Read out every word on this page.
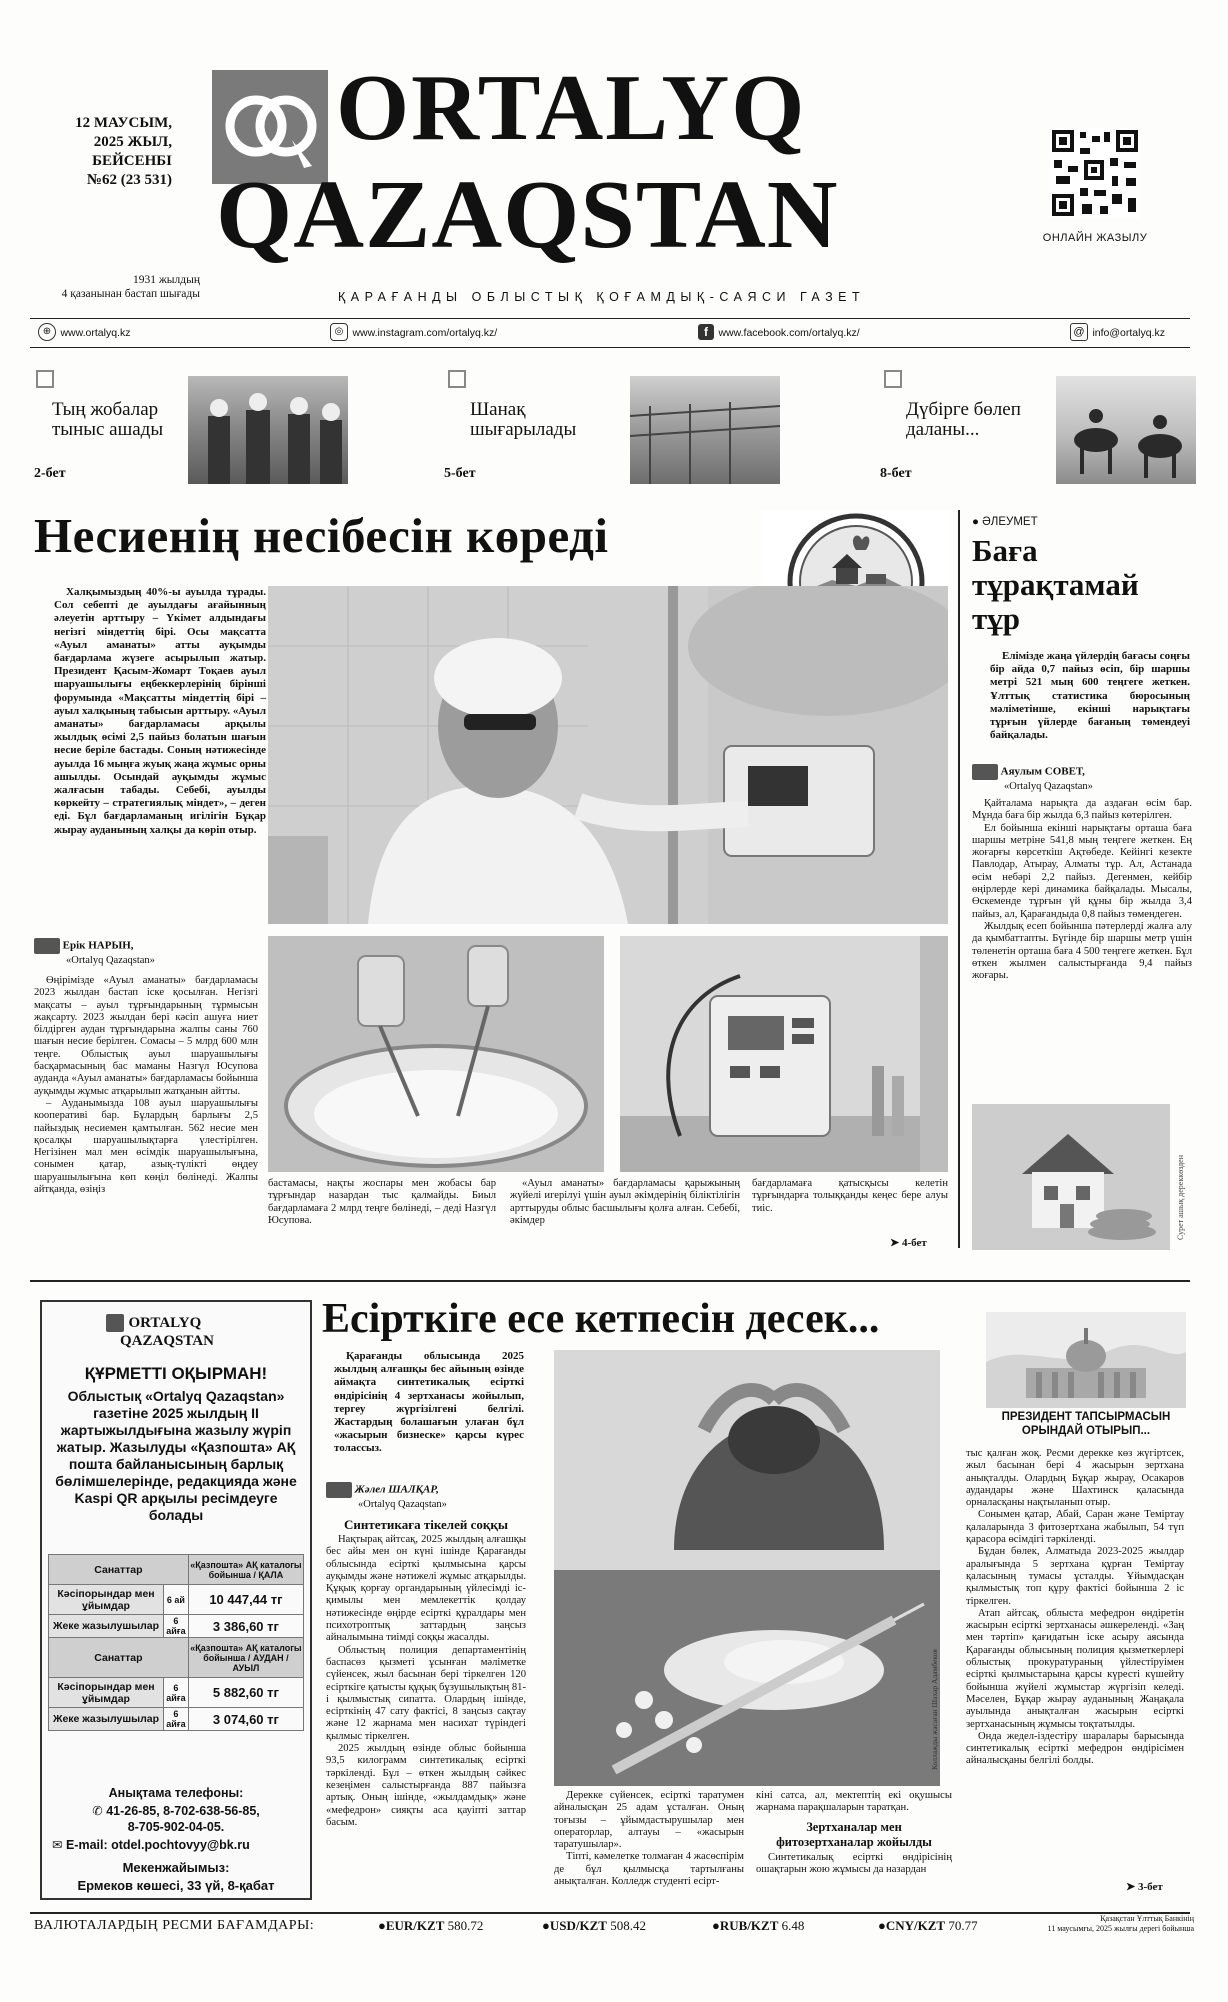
12 МАУСЫМ,
2025 ЖЫЛ,
БЕЙСЕНБІ
№62 (23 531)
1931 жылдың
4 қазанынан бастап шығады
ORTALYQ
QAZAQSTAN
ҚАРАҒАНДЫ ОБЛЫСТЫҚ ҚОҒАМДЫҚ-САЯСИ ГАЗЕТ
ОНЛАЙН ЖАЗЫЛУ
⊕ www.ortalyq.kz	◎ www.instagram.com/ortalyq.kz/	f www.facebook.com/ortalyq.kz/	@ info@ortalyq.kz
Тың жобалар
тыныс ашады
2-бет
Шанақ
шығарылады
5-бет
Дүбірге бөлеп
даланы...
8-бет
Несиенің несібесін көреді

Халқымыздың 40%-ы ауылда тұрады. Сол себепті де ауылдағы ағайынның әлеуетін арттыру – Үкімет алдындағы негізгі міндеттің бірі. Осы мақсатта «Ауыл аманаты» атты ауқымды бағдарлама жүзеге асырылып жатыр. Президент Қасым-Жомарт Тоқаев ауыл шаруашылығы еңбеккерлерінің бірінші форумында «Мақсатты міндеттің бірі – ауыл халқының табысын арттыру. «Ауыл аманаты» бағдарламасы арқылы жылдық өсімі 2,5 пайыз болатын шағын несие беріле бастады. Соның нәтижесінде ауылда 16 мыңға жуық жаңа жұмыс орны ашылды. Осындай ауқымды жұмыс жалғасын табады. Себебі, ауылды көркейту – стратегиялық міндет», – деген еді. Бұл бағдарламаның игілігін Бұқар жырау ауданының халқы да көріп отыр.

Ерік НАРЫН,
«Ortalyq Qazaqstan»

Өңірімізде «Ауыл аманаты» бағдарламасы 2023 жылдан бастап іске қосылған. Негізгі мақсаты – ауыл тұрғындарының тұрмысын жақсарту. 2023 жылдан бері кәсіп ашуға ниет білдірген аудан тұрғындарына жалпы саны 760 шағын несие берілген. Сомасы – 5 млрд 600 млн теңге. Облыстық ауыл шаруашылығы басқармасының бас маманы Назгүл Юсупова ауданда «Ауыл аманаты» бағдарламасы бойынша ауқымды жұмыс атқарылып жатқанын айтты.

– Ауданымызда 108 ауыл шаруашылығы кооперативі бар. Бұлардың барлығы 2,5 пайыздық несиемен қамтылған. 562 несие мен қосалқы шаруашылықтарға үлестірілген. Негізінен мал мен өсімдік шаруашылығына, сонымен қатар, азық-түлікті өңдеу шаруашылығына көп көңіл бөлінеді. Жалпы айтқанда, өзіңіз

бастамасы, нақты жоспары мен жобасы бар тұрғындар назардан тыс қалмайды. Биыл бағдарламаға 2 млрд теңге бөлінеді, – деді Назгүл Юсупова.

«Ауыл аманаты» бағдарламасы қарыжының жүйелі игерілуі үшін ауыл әкімдерінің біліктілігін арттыруды облыс басшылығы қолға алған. Себебі, әкімдер

бағдарламаға қатысқысы келетін тұрғындарға толыққанды кеңес бере алуы тиіс.

➤ 4-бет
● ӘЛЕУМЕТ
Баға тұрақтамай тұр

Елімізде жаңа үйлердің бағасы соңғы бір айда 0,7 пайыз өсіп, бір шаршы метрі 521 мың 600 теңгеге жеткен. Ұлттық статистика бюросының мәліметінше, екінші нарықтағы тұрғын үйлерде бағаның төмендеуі байқалады.

Аяулым СОВЕТ,
«Ortalyq Qazaqstan»

Қайталама нарықта да аздаған өсім бар. Мұнда баға бір жылда 6,3 пайыз көтерілген.

Ел бойынша екінші нарықтағы орташа баға шаршы метріне 541,8 мың теңгеге жеткен. Ең жоғарғы көрсеткіш Ақтөбеде. Кейінгі кезекте Павлодар, Атырау, Алматы тұр. Ал, Астанада өсім небәрі 2,2 пайыз. Дегенмен, кейбір өңірлерде кері динамика байқалады. Мысалы, Өскеменде тұрғын үй құны бір жылда 3,4 пайыз, ал, Қарағандыда 0,8 пайыз төмендеген.

Жылдық есеп бойынша пәтерлерді жалға алу да қымбаттапты. Бүгінде бір шаршы метр үшін төленетін орташа баға 4 500 теңгеге жеткен. Бұл өткен жылмен салыстырғанда 9,4 пайыз жоғары.

Сурет ашық дереккөзден
ORTALYQ
QAZAQSTAN
ҚҰРМЕТТІ ОҚЫРМАН!
Облыстық «Ortalyq Qazaqstan» газетіне 2025 жылдың ІІ жартыжылдығына жазылу жүріп жатыр. Жазылуды «Қазпошта» АҚ пошта байланысының барлық бөлімшелерінде, редакцияда және Kaspi QR арқылы ресімдеуге болады
Санаттар		«Қазпошта» АҚ каталогы бойынша / ҚАЛА
Кәсіпорындар мен ұйымдар	6 ай	10 447,44 тг
Жеке жазылушылар	6 айға	3 386,60 тг
Санаттар		«Қазпошта» АҚ каталогы бойынша / АУДАН /АУЫЛ
Кәсіпорындар мен ұйымдар	6 айға	5 882,60 тг
Жеке жазылушылар	6 айға	3 074,60 тг
Анықтама телефоны:
✆ 41-26-85, 8-702-638-56-85,
8-705-902-04-05.
✉ E-mail: otdel.pochtovyy@bk.ru
Мекенжайымыз:
Ермеков көшесі, 33 үй, 8-қабат
Есірткіге есе кетпесін десек...

Қарағанды облысында 2025 жылдың алғашқы бес айының өзінде аймақта синтетикалық есірткі өндірісінің 4 зертханасы жойылып, тергеу жүргізілгені белгілі. Жастардың болашағын улаған бұл «жасырын бизнеске» қарсы күрес толассыз.

Жәлел ШАЛҚАР,
«Ortalyq Qazaqstan»
Синтетикаға тікелей соққы

Нақтырақ айтсақ, 2025 жылдың алғашқы бес айы мен он күні ішінде Қарағанды облысында есірткі қылмысына қарсы ауқымды және нәтижелі жұмыс атқарылды. Құқық қорғау органдарының үйлесімді іс-қимылы мен мемлекеттік қолдау нәтижесінде өңірде есірткі құралдары мен психотроптық заттардың заңсыз айналымына тиімді соққы жасалды.

Облыстың полиция департаментінің баспасөз қызметі ұсынған мәліметке сүйенсек, жыл басынан бері тіркелген 120 есірткіге қатысты құқық бұзушылықтың 81-і қылмыстық сипатта. Олардың ішінде, есірткінің 47 сату фактісі, 8 заңсыз сақтау және 12 жарнама мен насихат түріндегі қылмыс тіркелген.

2025 жылдың өзінде облыс бойынша 93,5 килограмм синтетикалық есірткі тәркіленді. Бұл – өткен жылдың сәйкес кезеңімен салыстырғанда 887 пайызға артық. Оның ішінде, «жылдамдық» және «мефедрон» сияқты аса қауіпті заттар басым.

Коллажды жасаған Шахар Адамбеков

Дерекке сүйенсек, есірткі таратумен айналысқан 25 адам ұсталған. Оның тоғызы – ұйымдастырушылар мен операторлар, алтауы – «жасырын таратушылар».

Тіпті, кәмелетке толмаған 4 жасөспірім де бұл қылмысқа тартылғаны анықталған. Колледж студенті есірт-

кіні сатса, ал, мектептің екі оқушысы жарнама парақшаларын таратқан.

Зертханалар мен фитозертханалар жойылды

Синтетикалық есірткі өндірісінің ошақтарын жою жұмысы да назардан

ПРЕЗИДЕНТ ТАПСЫРМАСЫН ОРЫНДАЙ ОТЫРЫП...

тыс қалған жоқ. Ресми дерекке көз жүгіртсек, жыл басынан бері 4 жасырын зертхана анықталды. Олардың Бұқар жырау, Осакаров аудандары және Шахтинск қаласында орналасқаны нақтыланып отыр.

Сонымен қатар, Абай, Саран және Теміртау қалаларында 3 фитозертхана жабылып, 54 түп қарасора өсімдігі тәркіленді.

Бұдан бөлек, Алматыда 2023-2025 жылдар аралығында 5 зертхана құрған Теміртау қаласының тумасы ұсталды. Ұйымдасқан қылмыстық топ құру фактісі бойынша 2 іс тіркелген.

Атап айтсақ, облыста мефедрон өндіретін жасырын есірткі зертханасы әшкереленді. «Заң мен тәртіп» қағидатын іске асыру аясында Қарағанды облысының полиция қызметкерлері облыстық прокуратураның үйлестіруімен есірткі қылмыстарына қарсы күресті күшейту бойынша жүйелі жұмыстар жүргізіп келеді. Мәселен, Бұқар жырау ауданының Жаңақала ауылында анықталған жасырын есірткі зертханасының жұмысы тоқтатылды.

Онда жедел-іздестіру шаралары барысында синтетикалық есірткі мефедрон өндірісімен айналысқаны белгілі болды.

➤ 3-бет
ВАЛЮТАЛАРДЫҢ РЕСМИ БАҒАМДАРЫ:	●EUR/KZT 580.72	●USD/KZT 508.42	●RUB/KZT 6.48	●CNY/KZT 70.77	Қазақстан Ұлттық Банкінің
11 маусымғы, 2025 жылғы дерегі бойынша
